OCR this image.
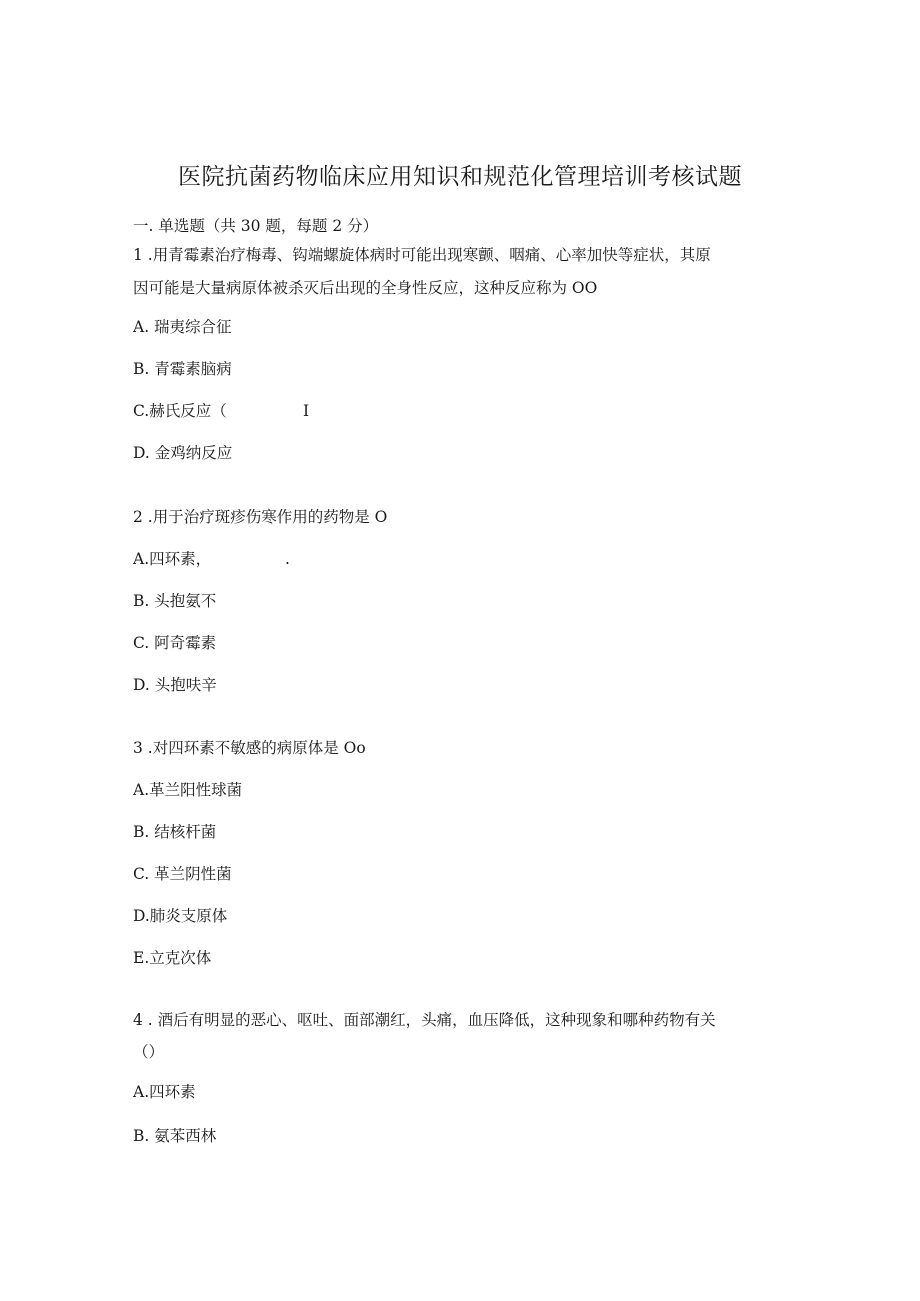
医院抗菌药物临床应用知识和规范化管理培训考核试题
一. 单选题（共 30 题，每题 2 分）
1 .用青霉素治疗梅毒、钩端螺旋体病时可能出现寒颤、咽痛、心率加快等症状，其原
因可能是大量病原体被杀灭后出现的全身性反应，这种反应称为 OO
A. 瑞夷综合征
B. 青霉素脑病
C.赫氏反应（	I
D. 金鸡纳反应
2 .用于治疗斑疹伤寒作用的药物是 O
A.四环素，	.
B. 头抱氨不
C. 阿奇霉素
D. 头抱呋辛
3 .对四环素不敏感的病原体是 Oo
A.革兰阳性球菌
B. 结核杆菌
C. 革兰阴性菌
D.肺炎支原体
E.立克次体
4 . 酒后有明显的恶心、呕吐、面部潮红，头痛，血压降低，这种现象和哪种药物有关
（）
A.四环素
B. 氨苯西林
